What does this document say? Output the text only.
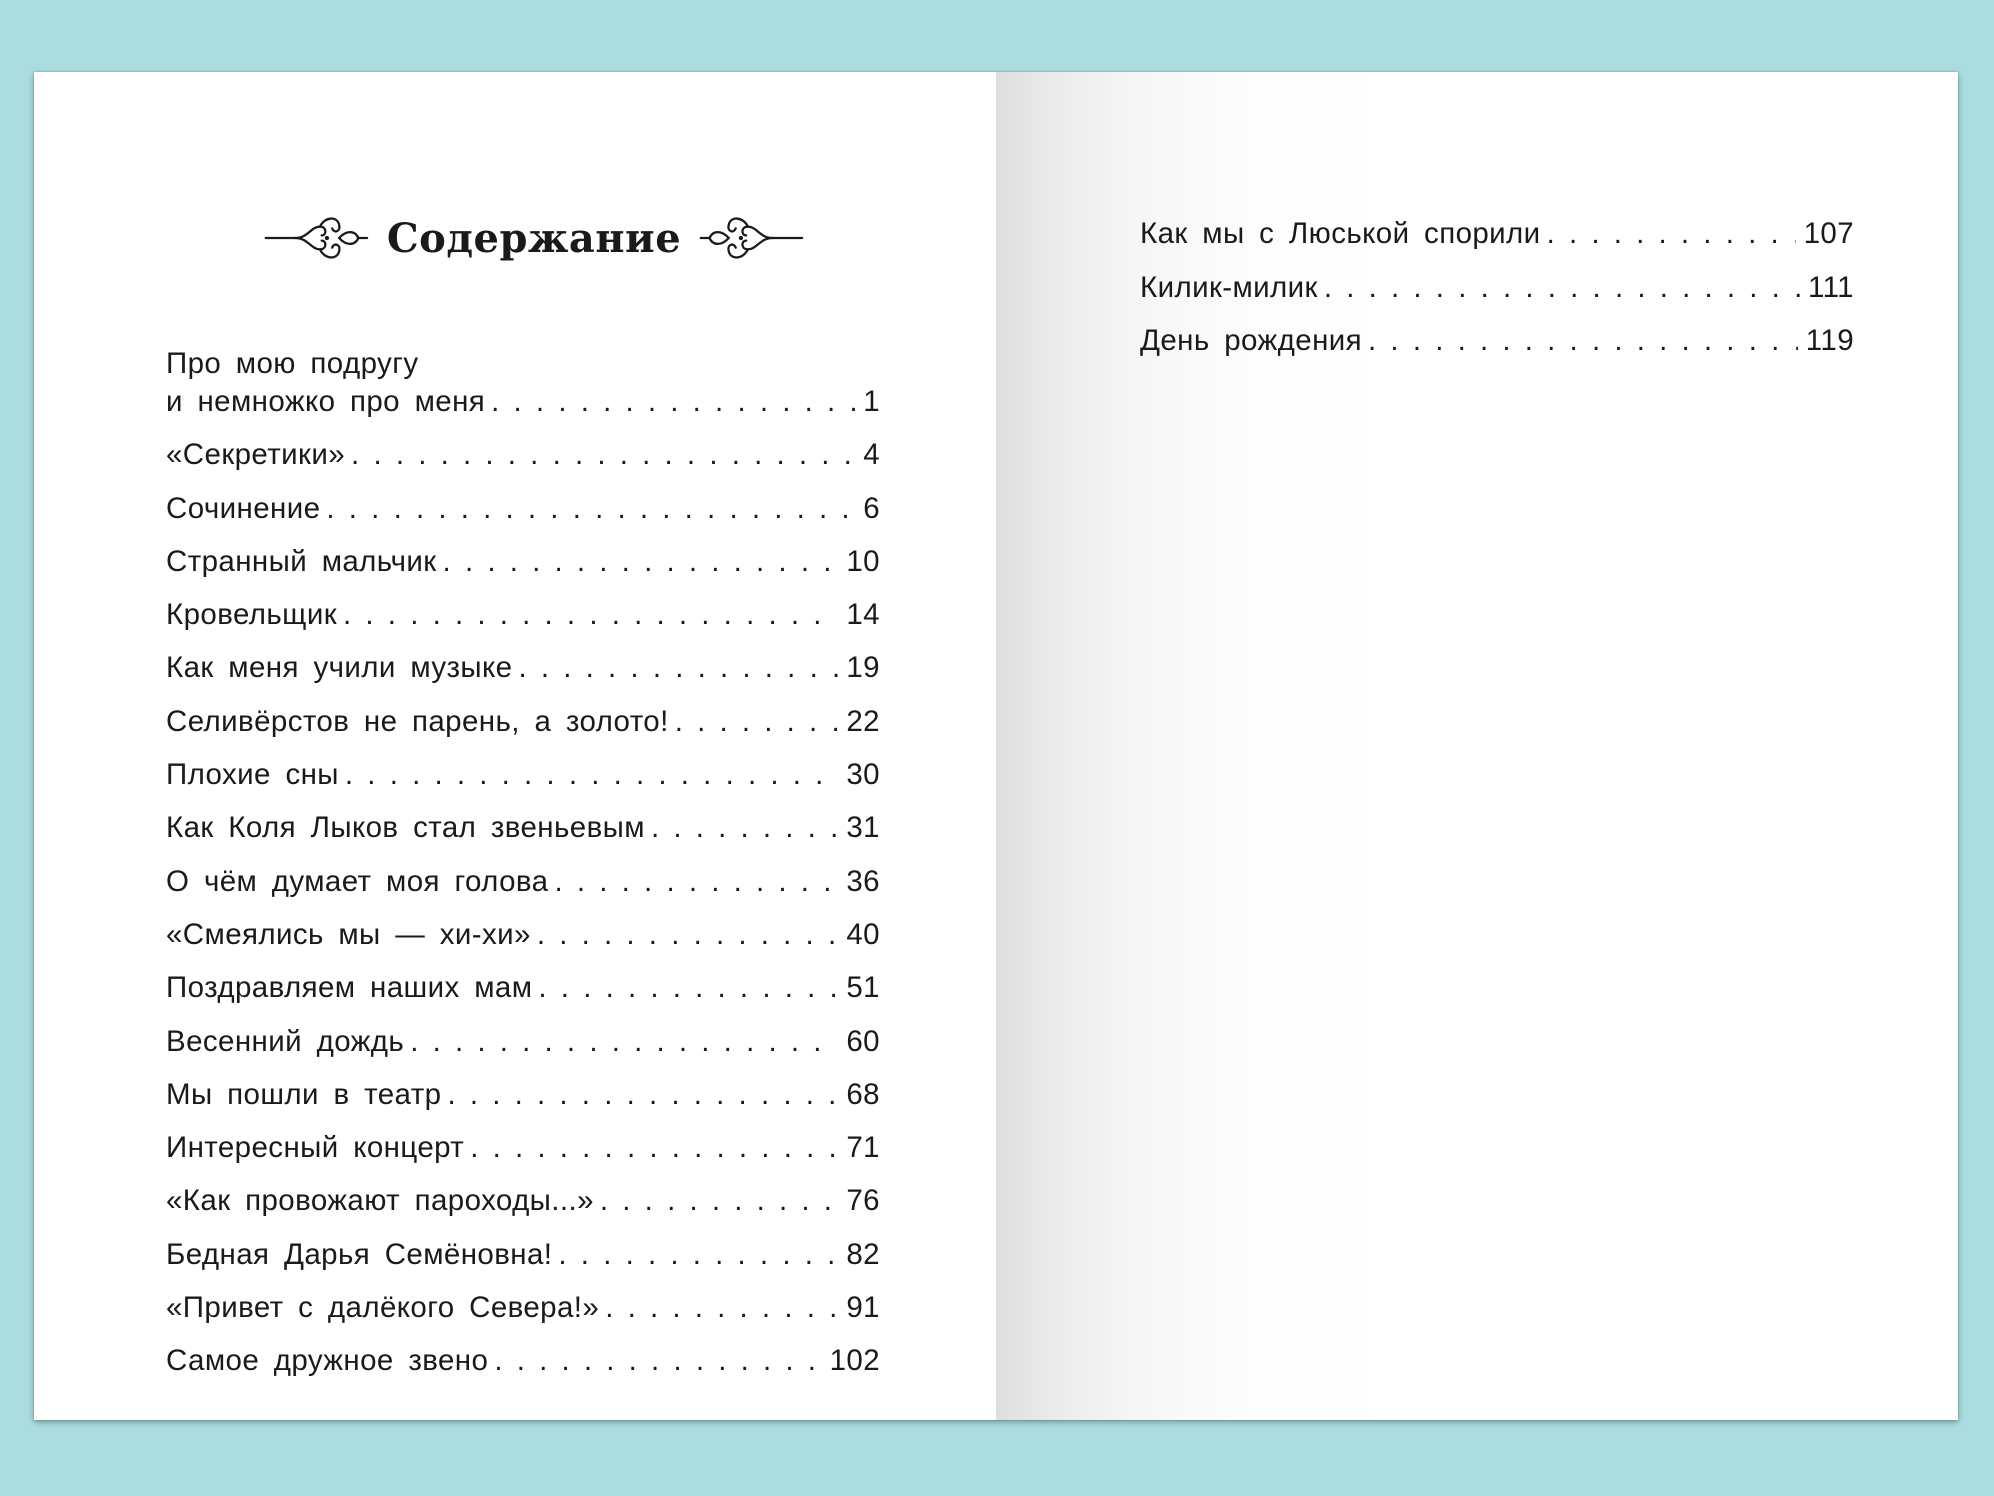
Содержание
Про мою подругу
и немножко про меня . . .	1
«Секретики» . . .	4
Сочинение . . .	6
Странный мальчик . . .	10
Кровельщик . . .	14
Как меня учили музыке . . .	19
Селивёрстов не парень, а золото! . . .	22
Плохие сны . . .	30
Как Коля Лыков стал звеньевым . . .	31
О чём думает моя голова . . .	36
«Смеялись мы — хи-хи» . . .	40
Поздравляем наших мам . . .	51
Весенний дождь . . .	60
Мы пошли в театр . . .	68
Интересный концерт . . .	71
«Как провожают пароходы...» . . .	76
Бедная Дарья Семёновна! . . .	82
«Привет с далёкого Севера!» . . .	91
Самое дружное звено . . .	102
Как мы с Люськой спорили . . .	107
Килик-милик . . .	111
День рождения . . .	119
